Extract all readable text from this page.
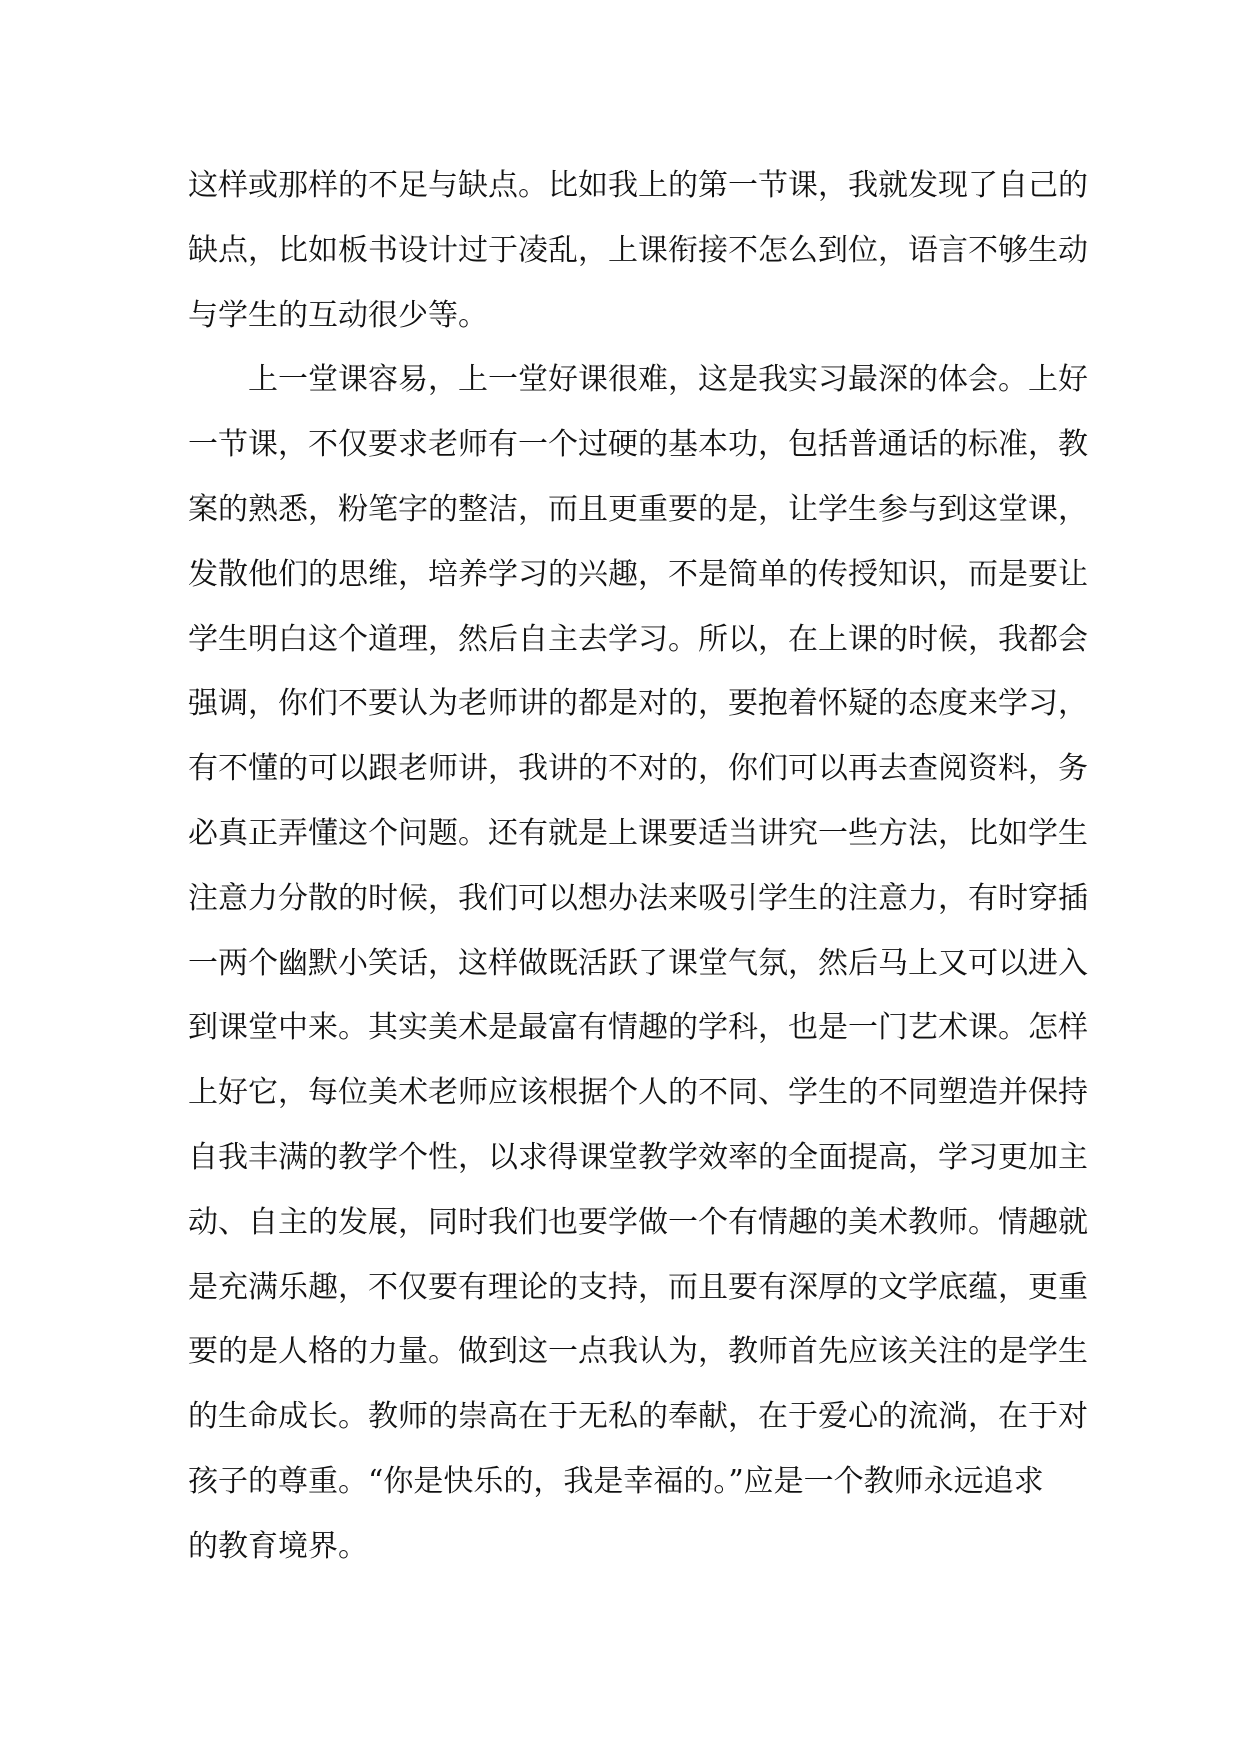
这样或那样的不足与缺点。比如我上的第一节课，我就发现了自己的
缺点，比如板书设计过于凌乱，上课衔接不怎么到位，语言不够生动
与学生的互动很少等。
上一堂课容易，上一堂好课很难，这是我实习最深的体会。上好
一节课，不仅要求老师有一个过硬的基本功，包括普通话的标准，教
案的熟悉，粉笔字的整洁，而且更重要的是，让学生参与到这堂课，
发散他们的思维，培养学习的兴趣，不是简单的传授知识，而是要让
学生明白这个道理，然后自主去学习。所以，在上课的时候，我都会
强调，你们不要认为老师讲的都是对的，要抱着怀疑的态度来学习，
有不懂的可以跟老师讲，我讲的不对的，你们可以再去查阅资料，务
必真正弄懂这个问题。还有就是上课要适当讲究一些方法，比如学生
注意力分散的时候，我们可以想办法来吸引学生的注意力，有时穿插
一两个幽默小笑话，这样做既活跃了课堂气氛，然后马上又可以进入
到课堂中来。其实美术是最富有情趣的学科，也是一门艺术课。怎样
上好它，每位美术老师应该根据个人的不同、学生的不同塑造并保持
自我丰满的教学个性，以求得课堂教学效率的全面提高，学习更加主
动、自主的发展，同时我们也要学做一个有情趣的美术教师。情趣就
是充满乐趣，不仅要有理论的支持，而且要有深厚的文学底蕴，更重
要的是人格的力量。做到这一点我认为，教师首先应该关注的是学生
的生命成长。教师的崇高在于无私的奉献，在于爱心的流淌，在于对
孩子的尊重。“你是快乐的，我是幸福的。”应是一个教师永远追求
的教育境界。
